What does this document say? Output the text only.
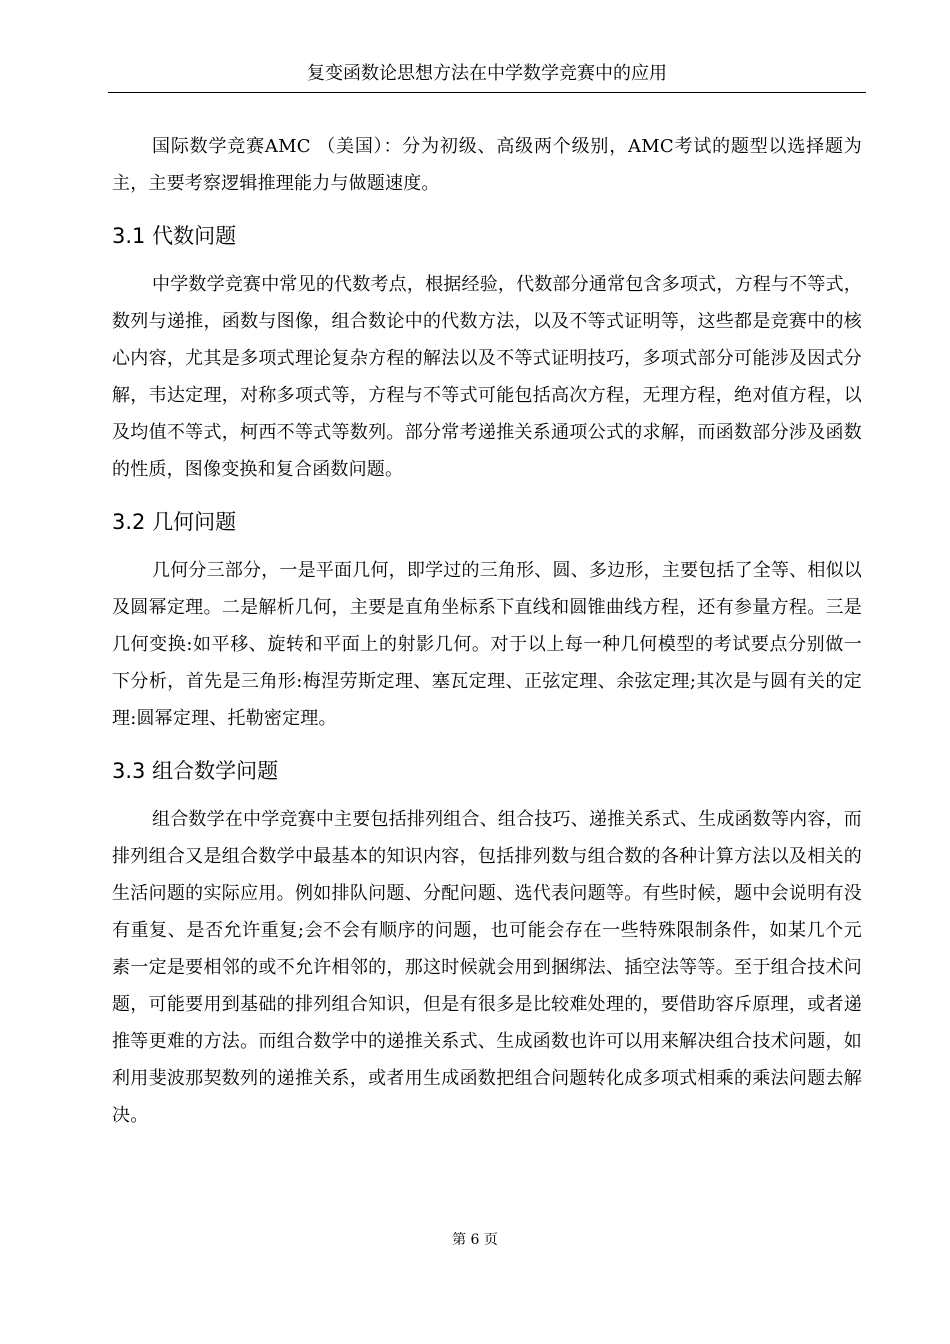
复变函数论思想方法在中学数学竞赛中的应用

国际数学竞赛AMC （美国）：分为初级、高级两个级别，AMC考试的题型以选择题为主，主要考察逻辑推理能力与做题速度。

3.1 代数问题

中学数学竞赛中常见的代数考点，根据经验，代数部分通常包含多项式，方程与不等式，数列与递推，函数与图像，组合数论中的代数方法，以及不等式证明等，这些都是竞赛中的核心内容，尤其是多项式理论复杂方程的解法以及不等式证明技巧，多项式部分可能涉及因式分解，韦达定理，对称多项式等，方程与不等式可能包括高次方程，无理方程，绝对值方程，以及均值不等式，柯西不等式等数列。部分常考递推关系通项公式的求解，而函数部分涉及函数的性质，图像变换和复合函数问题。

3.2 几何问题

几何分三部分，一是平面几何，即学过的三角形、圆、多边形，主要包括了全等、相似以及圆幂定理。二是解析几何，主要是直角坐标系下直线和圆锥曲线方程，还有参量方程。三是几何变换:如平移、旋转和平面上的射影几何。对于以上每一种几何模型的考试要点分别做一下分析，首先是三角形:梅涅劳斯定理、塞瓦定理、正弦定理、余弦定理;其次是与圆有关的定理:圆幂定理、托勒密定理。

3.3 组合数学问题

组合数学在中学竞赛中主要包括排列组合、组合技巧、递推关系式、生成函数等内容，而排列组合又是组合数学中最基本的知识内容，包括排列数与组合数的各种计算方法以及相关的生活问题的实际应用。例如排队问题、分配问题、选代表问题等。有些时候，题中会说明有没有重复、是否允许重复;会不会有顺序的问题，也可能会存在一些特殊限制条件，如某几个元素一定是要相邻的或不允许相邻的，那这时候就会用到捆绑法、插空法等等。至于组合技术问题，可能要用到基础的排列组合知识，但是有很多是比较难处理的，要借助容斥原理，或者递推等更难的方法。而组合数学中的递推关系式、生成函数也许可以用来解决组合技术问题，如利用斐波那契数列的递推关系，或者用生成函数把组合问题转化成多项式相乘的乘法问题去解决。

第 6 页
